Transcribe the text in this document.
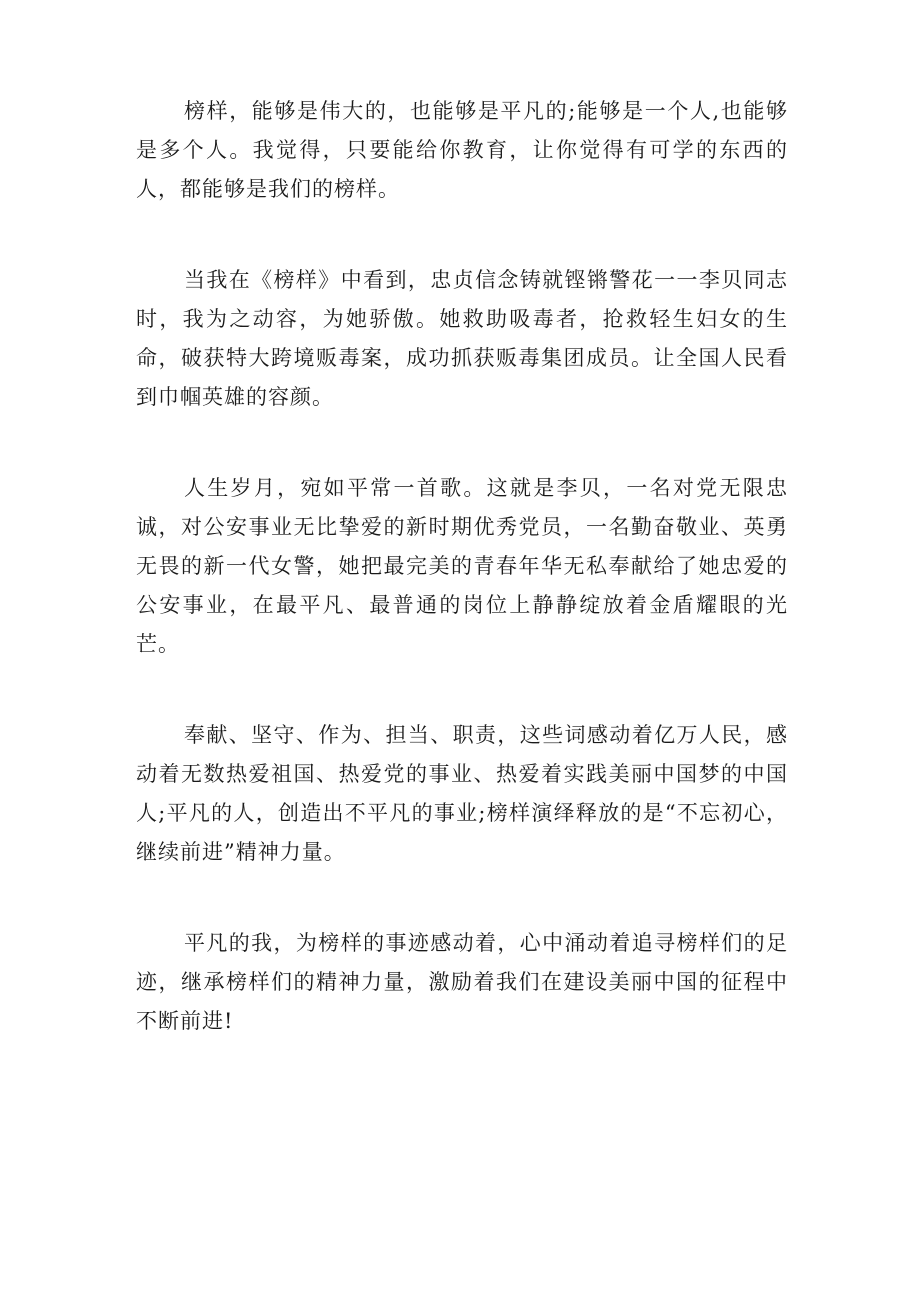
榜样，能够是伟大的，也能够是平凡的;能够是一个人,也能够是多个人。我觉得，只要能给你教育，让你觉得有可学的东西的人，都能够是我们的榜样。

当我在《榜样》中看到，忠贞信念铸就铿锵警花一一李贝同志时，我为之动容，为她骄傲。她救助吸毒者，抢救轻生妇女的生命，破获特大跨境贩毒案，成功抓获贩毒集团成员。让全国人民看到巾帼英雄的容颜。

人生岁月，宛如平常一首歌。这就是李贝，一名对党无限忠诚，对公安事业无比挚爱的新时期优秀党员，一名勤奋敬业、英勇无畏的新一代女警，她把最完美的青春年华无私奉献给了她忠爱的公安事业，在最平凡、最普通的岗位上静静绽放着金盾耀眼的光芒。

奉献、坚守、作为、担当、职责，这些词感动着亿万人民，感动着无数热爱祖国、热爱党的事业、热爱着实践美丽中国梦的中国人;平凡的人，创造出不平凡的事业;榜样演绎释放的是“不忘初心，继续前进”精神力量。

平凡的我，为榜样的事迹感动着，心中涌动着追寻榜样们的足迹，继承榜样们的精神力量，激励着我们在建设美丽中国的征程中不断前进!
